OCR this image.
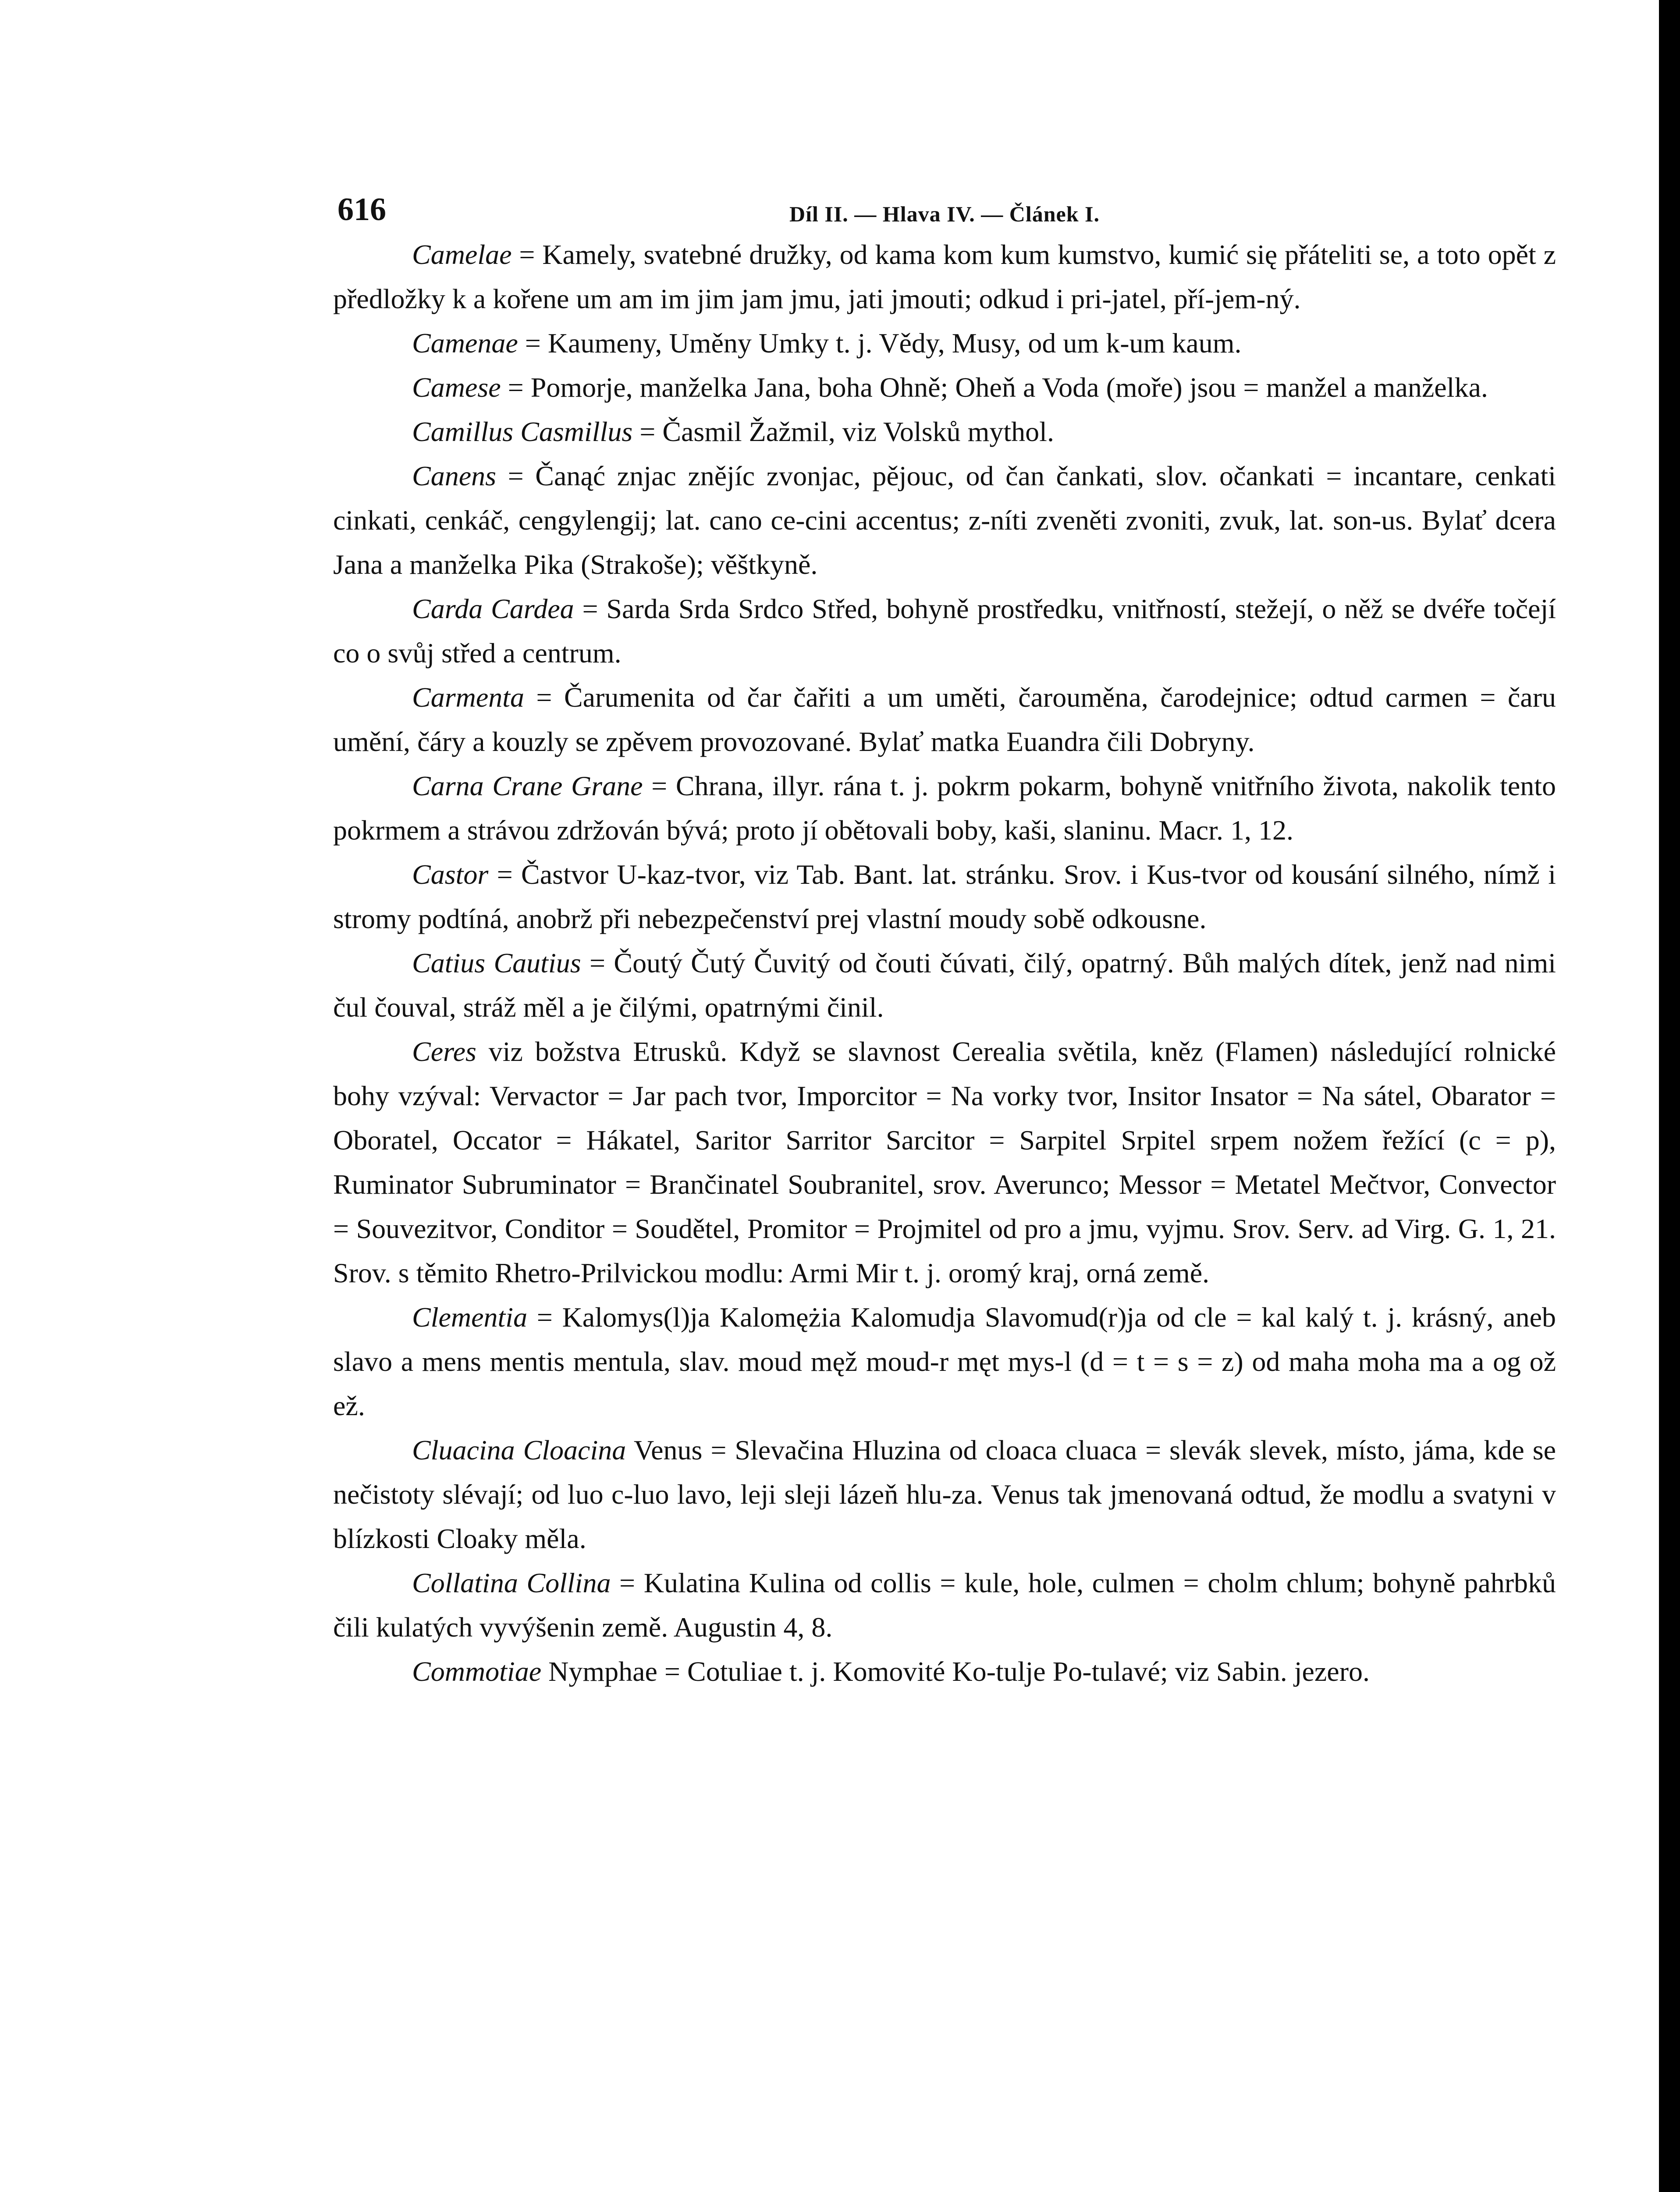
616	Díl II. — Hlava IV. — Článek I.

Camelae = Kamely, svatebné družky, od kama kom kum kumstvo, kumić się přáteliti se, a toto opět z předložky k a kořene um am im jim jam jmu, jati jmouti; odkud i pri-jatel, pří-jem-ný.

Camenae = Kaumeny, Uměny Umky t. j. Vědy, Musy, od um k-um kaum.

Camese = Pomorje, manželka Jana, boha Ohně; Oheň a Voda (moře) jsou = manžel a manželka.

Camillus Casmillus = Časmil Žažmil, viz Volsků mythol.

Canens = Čanąć znjac znějíc zvonjac, pějouc, od čan čankati, slov. očankati = incantare, cenkati cinkati, cenkáč, cengylengij; lat. cano ce-cini accentus; z-níti zveněti zvoniti, zvuk, lat. son-us. Bylať dcera Jana a manželka Pika (Strakoše); věštkyně.

Carda Cardea = Sarda Srda Srdco Střed, bohyně prostředku, vnitřností, stežejí, o něž se dvéře točejí co o svůj střed a centrum.

Carmenta = Čarumenita od čar čařiti a um uměti, čarouměna, čarodejnice; odtud carmen = čaru umění, čáry a kouzly se zpěvem provozované. Bylať matka Euandra čili Dobryny.

Carna Crane Grane = Chrana, illyr. rána t. j. pokrm pokarm, bohyně vnitřního života, nakolik tento pokrmem a strávou zdržován bývá; proto jí obětovali boby, kaši, slaninu. Macr. 1, 12.

Castor = Častvor U-kaz-tvor, viz Tab. Bant. lat. stránku. Srov. i Kus-tvor od kousání silného, nímž i stromy podtíná, anobrž při nebezpečenství prej vlastní moudy sobě odkousne.

Catius Cautius = Čoutý Čutý Čuvitý od čouti čúvati, čilý, opatrný. Bůh malých dítek, jenž nad nimi čul čouval, stráž měl a je čilými, opatrnými činil.

Ceres viz božstva Etrusků. Když se slavnost Cerealia světila, kněz (Flamen) následující rolnické bohy vzýval: Vervactor = Jar pach tvor, Imporcitor = Na vorky tvor, Insitor Insator = Na sátel, Obarator = Oboratel, Occator = Hákatel, Saritor Sarritor Sarcitor = Sarpitel Srpitel srpem nožem řežící (c = p), Ruminator Subruminator = Brančinatel Soubranitel, srov. Averunco; Messor = Metatel Mečtvor, Convector = Souvezitvor, Conditor = Soudětel, Promitor = Projmitel od pro a jmu, vyjmu. Srov. Serv. ad Virg. G. 1, 21. Srov. s těmito Rhetro-Prilvickou modlu: Armi Mir t. j. oromý kraj, orná země.

Clementia = Kalomys(l)ja Kalomężia Kalomudja Slavomud(r)ja od cle = kal kalý t. j. krásný, aneb slavo a mens mentis mentula, slav. moud męž moud-r męt mys-l (d = t = s = z) od maha moha ma a og ož ež.

Cluacina Cloacina Venus = Slevačina Hluzina od cloaca cluaca = slevák slevek, místo, jáma, kde se nečistoty slévají; od luo c-luo lavo, leji sleji lázeň hlu-za. Venus tak jmenovaná odtud, že modlu a svatyni v blízkosti Cloaky měla.

Collatina Collina = Kulatina Kulina od collis = kule, hole, culmen = cholm chlum; bohyně pahrbků čili kulatých vyvýšenin země. Augustin 4, 8.

Commotiae Nymphae = Cotuliae t. j. Komovité Ko-tulje Po-tulavé; viz Sabin. jezero.
